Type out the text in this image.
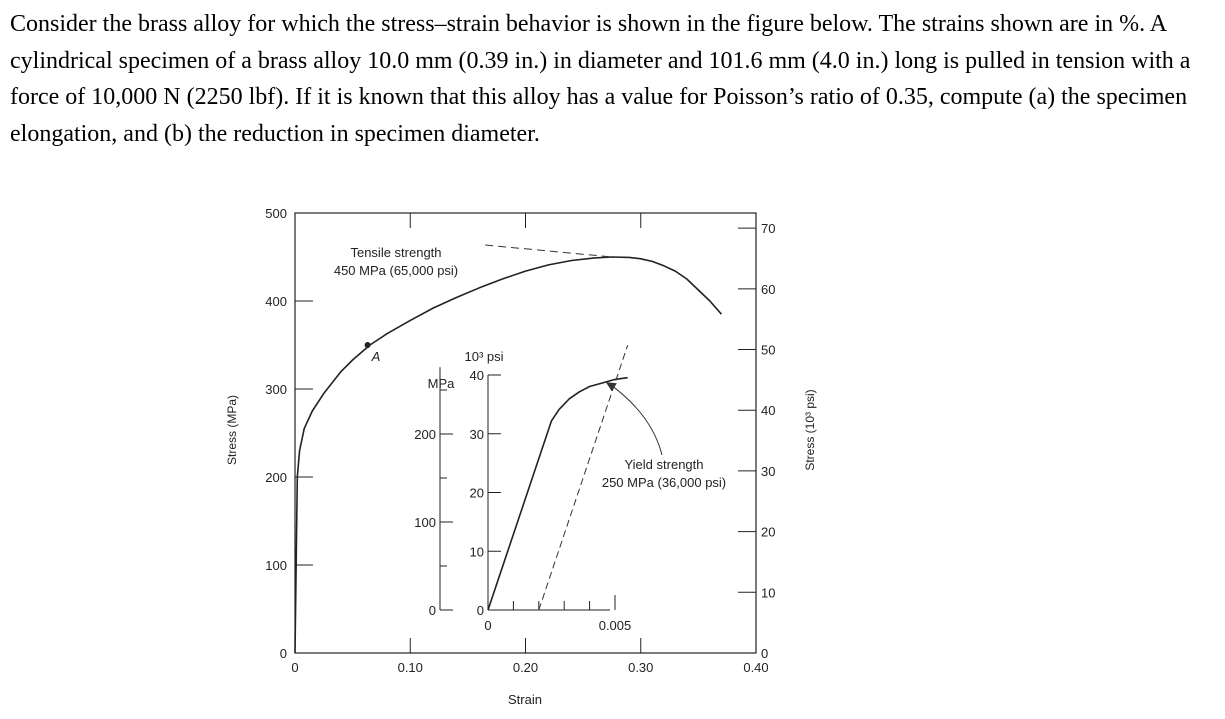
Consider the brass alloy for which the stress–strain behavior is shown in the figure below. The strains shown are in %. A cylindrical specimen of a brass alloy 10.0 mm (0.39 in.) in diameter and 101.6 mm (4.0 in.) long is pulled in tension with a force of 10,000 N (2250 lbf). If it is known that this alloy has a value for Poisson’s ratio of 0.35, compute (a) the specimen elongation, and (b) the reduction in specimen diameter.

0	0.10	0.20	0.30	0.40
0
100
200
300
400
500
0
10
20
30
40
50
60
70
A
0
100
200
0
10
20
30
40
0	0.005
Tensile strength
450 MPa (65,000 psi)
Yield strength
250 MPa (36,000 psi)
Strain
Stress (MPa)	Stress (10³ psi)
MPa
10³ psi
